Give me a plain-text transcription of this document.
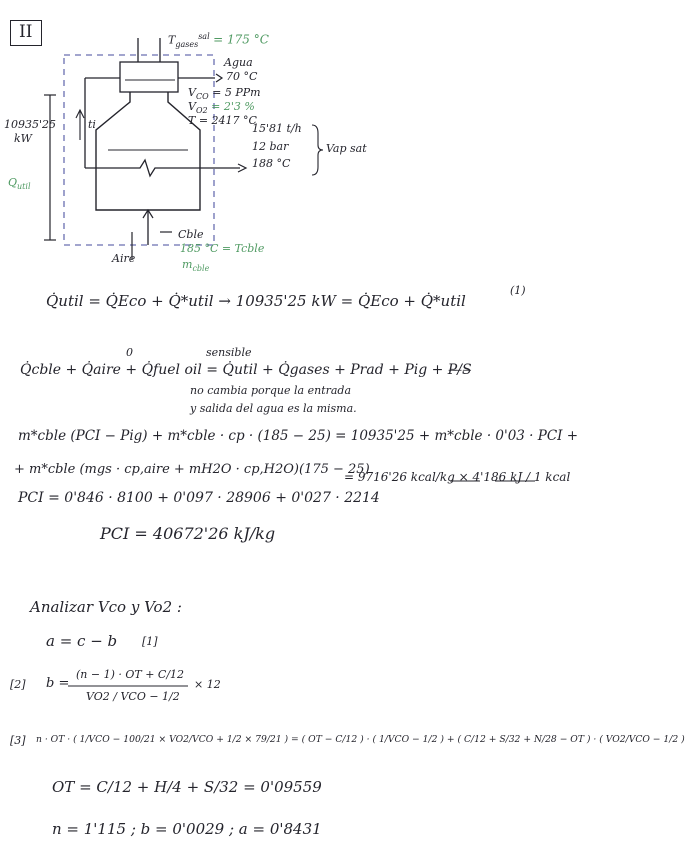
II	$T_{gases}^{sal} = 175$ °C
Agua
70 °C
$V_{CO} = 5$ PPm
$V_{O2} = 2'3$ %
T = 2417 °C
15'81 t/h
12 bar
188 °C
Vap sat
10935'25
kW
$Q_{util}$
ti
Cble
185 °C = Tcble
$m_{cble}$
Aire
Q̇util = Q̇Eco + Q̇*util → 10935'25 kW = Q̇Eco + Q̇*util
(1)
sensible
0
Q̇cble + Q̇aire + Q̇fuel oil = Q̇util + Q̇gases + Prad + Pig + P̶/̶S̶
no cambia porque la entrada
y salida del agua es la misma.
m*cble (PCI − Pig) + m*cble · cp · (185 − 25) = 10935'25 + m*cble · 0'03 · PCI +
+ m*cble (mgs · cp,aire + mH2O · cp,H2O)(175 − 25)
= 9716'26 kcal/kg × 4'186 kJ / 1 kcal
PCI = 0'846 · 8100 + 0'097 · 28906 + 0'027 · 2214
PCI = 40672'26 kJ/kg
Analizar Vco y Vo2 :
a = c − b [1]
[2] b =
(n − 1) · OT + C/12
VO2 / VCO − 1/2
× 12
[3] n · OT · ( 1/VCO − 100/21 × VO2/VCO + 1/2 × 79/21 ) = ( OT − C/12 ) · ( 1/VCO − 1/2 ) + ( C/12 + S/32 + N/28 − OT ) · ( VO2/VCO − 1/2 )
OT = C/12 + H/4 + S/32 = 0'09559
n = 1'115 ; b = 0'0029 ; a = 0'8431
